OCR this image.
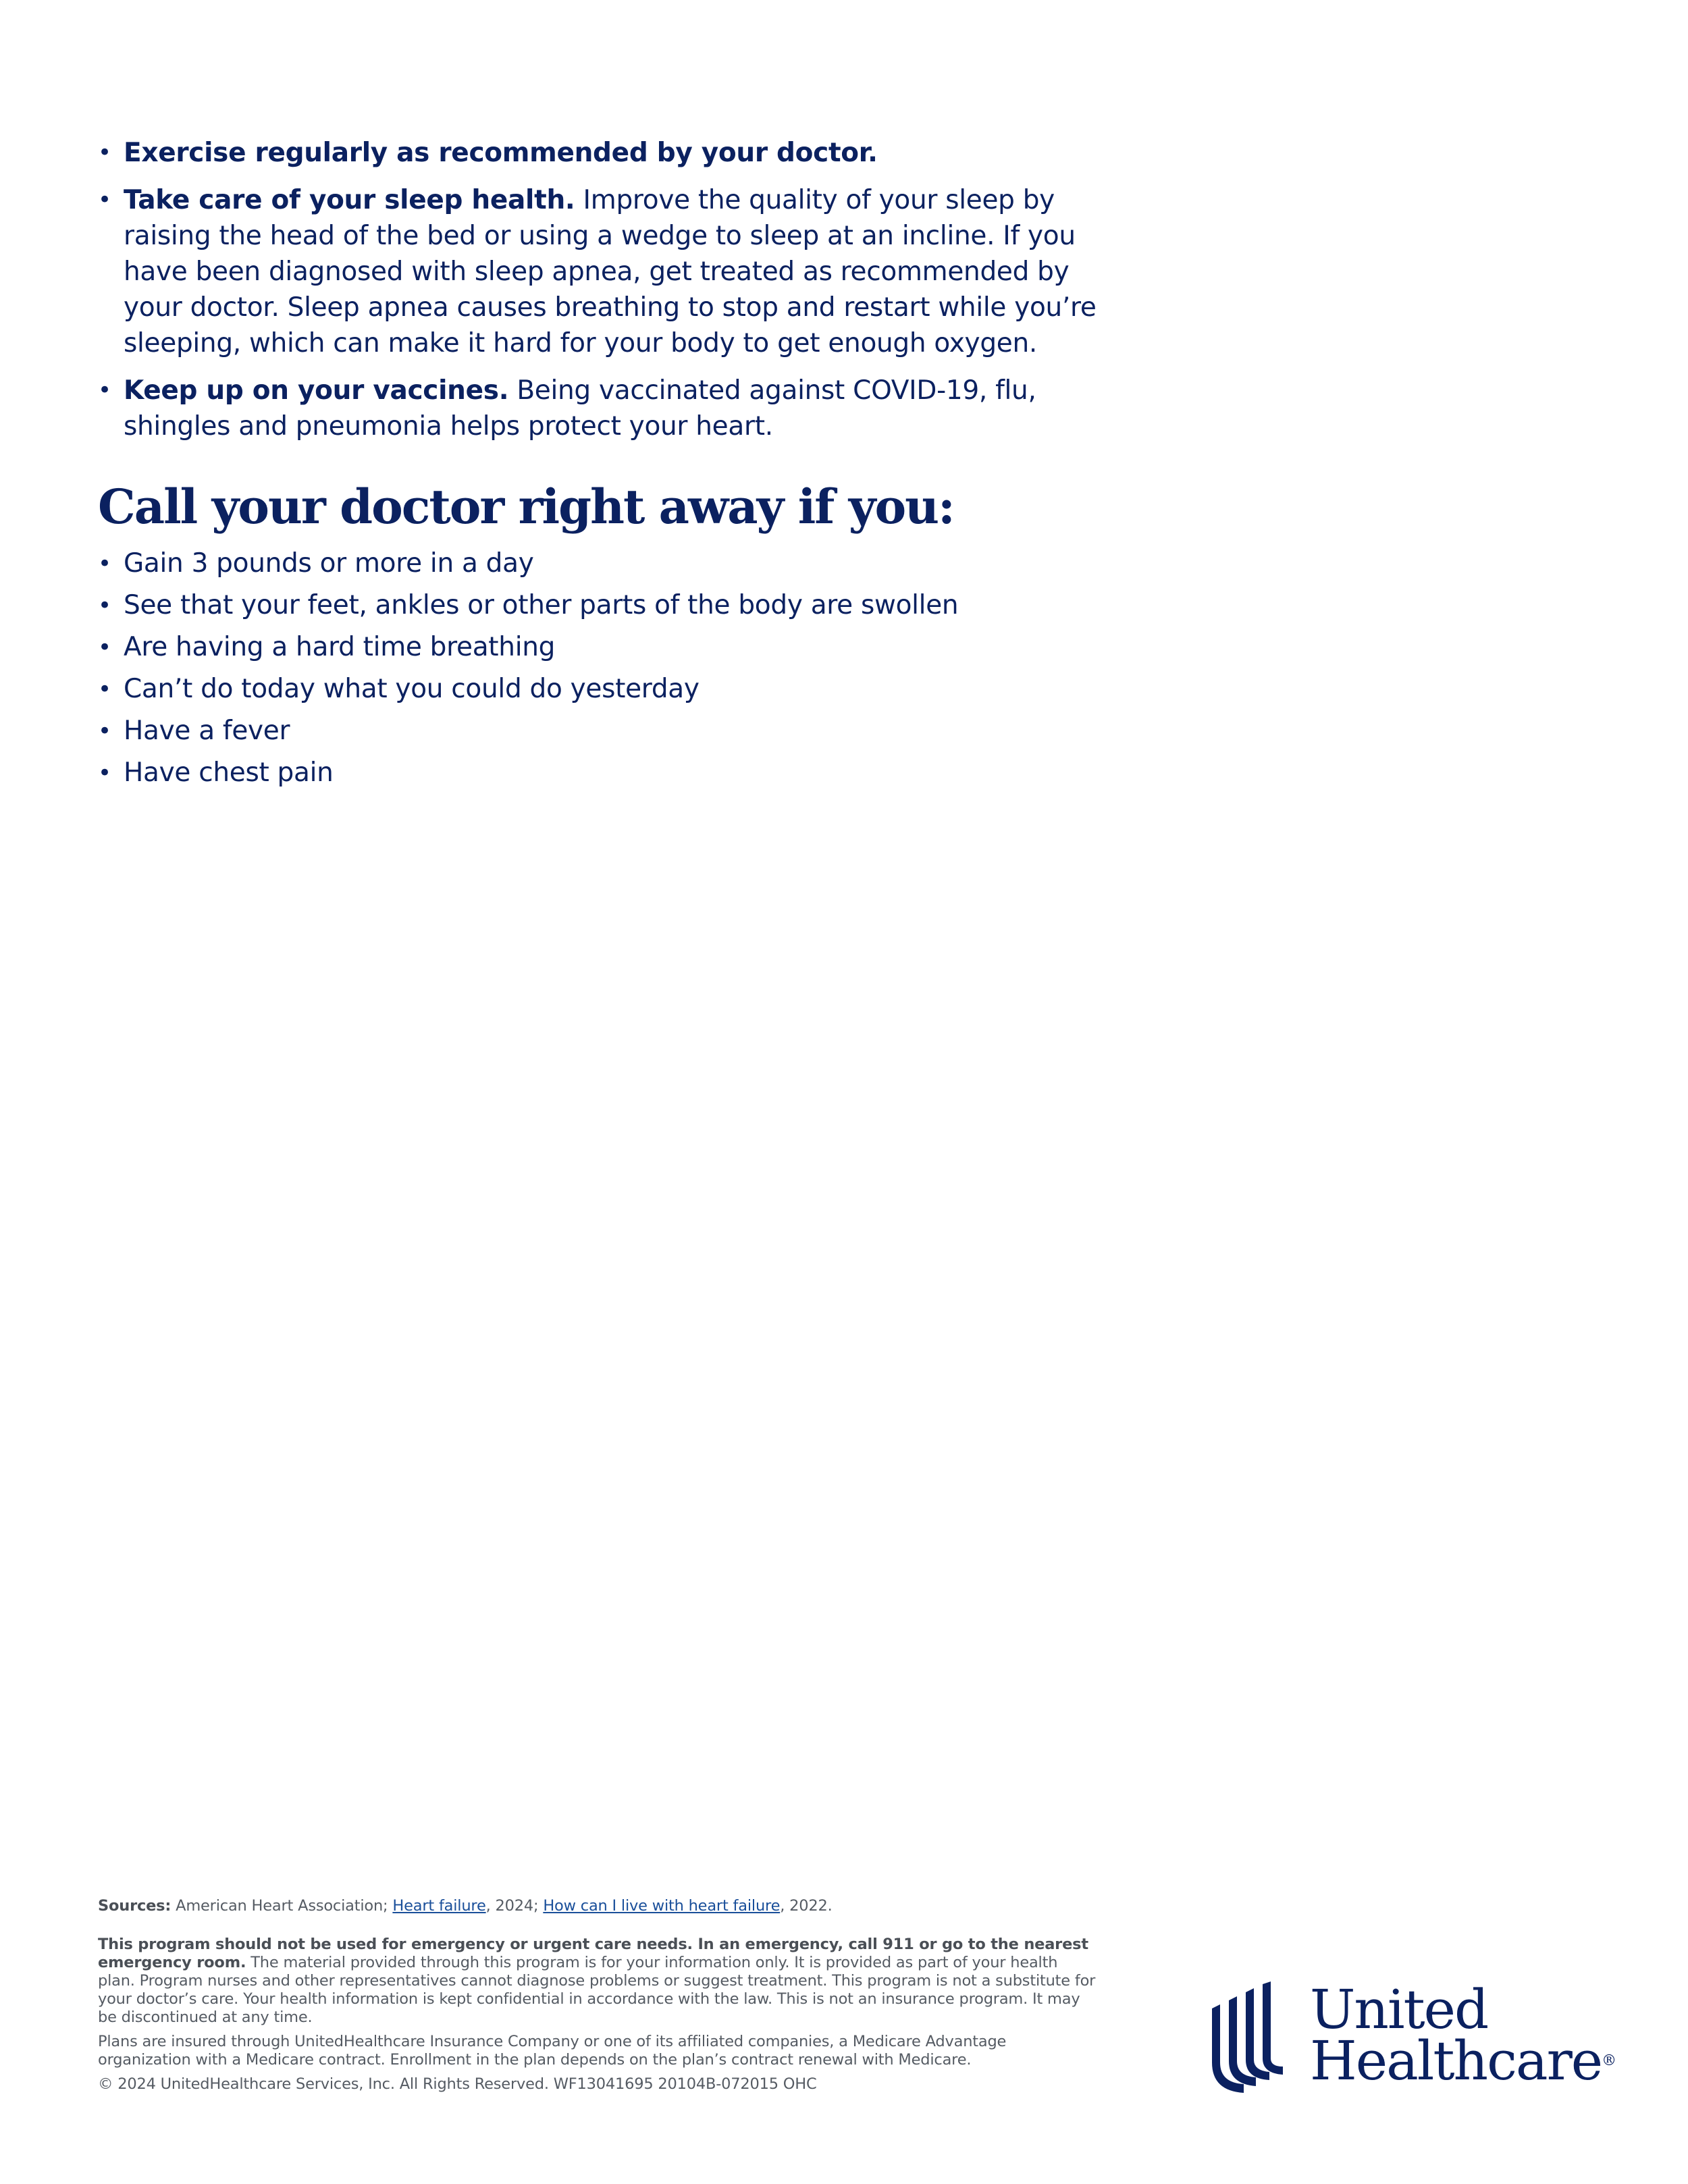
• Exercise regularly as recommended by your doctor.
• Take care of your sleep health. Improve the quality of your sleep by raising the head of the bed or using a wedge to sleep at an incline. If you have been diagnosed with sleep apnea, get treated as recommended by your doctor. Sleep apnea causes breathing to stop and restart while you’re sleeping, which can make it hard for your body to get enough oxygen.
• Keep up on your vaccines. Being vaccinated against COVID-19, flu, shingles and pneumonia helps protect your heart.
Call your doctor right away if you:
• Gain 3 pounds or more in a day
• See that your feet, ankles or other parts of the body are swollen
• Are having a hard time breathing
• Can’t do today what you could do yesterday
• Have a fever
• Have chest pain

Sources: American Heart Association; Heart failure, 2024; How can I live with heart failure, 2022.

This program should not be used for emergency or urgent care needs. In an emergency, call 911 or go to the nearest emergency room. The material provided through this program is for your information only. It is provided as part of your health plan. Program nurses and other representatives cannot diagnose problems or suggest treatment. This program is not a substitute for your doctor’s care. Your health information is kept confidential in accordance with the law. This is not an insurance program. It may be discontinued at any time.

Plans are insured through UnitedHealthcare Insurance Company or one of its affiliated companies, a Medicare Advantage organization with a Medicare contract. Enrollment in the plan depends on the plan’s contract renewal with Medicare.

© 2024 UnitedHealthcare Services, Inc. All Rights Reserved. WF13041695 20104B-072015 OHC

United
Healthcare®
